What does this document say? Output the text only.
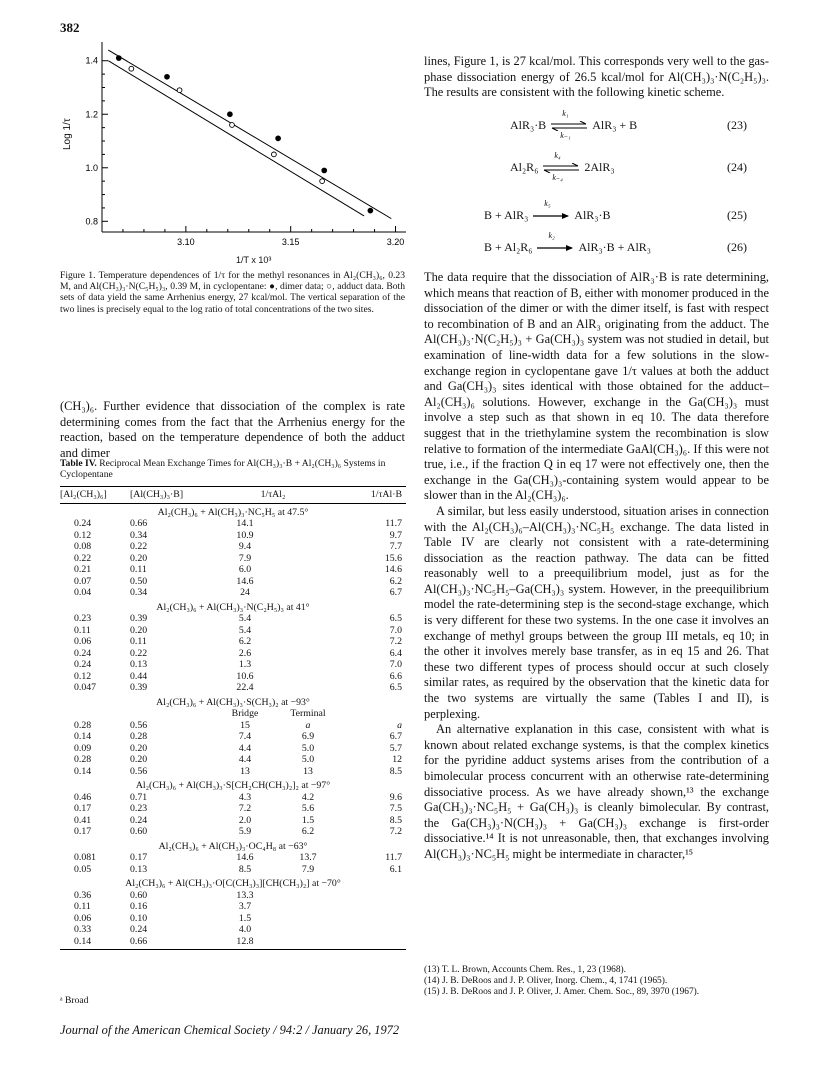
382
1.4
1.2
1.0
0.8
3.10	3.15	3.20
Log 1/τ
1/T x 10³
Figure 1. Temperature dependences of 1/τ for the methyl resonances in Al₂(CH₃)₆, 0.23 M, and Al(CH₃)₃·N(C₅H₅)₃, 0.39 M, in cyclopentane: ●, dimer data; ○, adduct data. Both sets of data yield the same Arrhenius energy, 27 kcal/mol. The vertical separation of the two lines is precisely equal to the log ratio of total concentrations of the two sites.
(CH₃)₆. Further evidence that dissociation of the complex is rate determining comes from the fact that the Arrhenius energy for the reaction, based on the temperature dependence of both the adduct and dimer
Table IV. Reciprocal Mean Exchange Times for Al(CH₃)₃·B + Al₂(CH₃)₆ Systems in Cyclopentane
[Al₂(CH₃)₆]	[Al(CH₃)₃·B]	1/τAl₂		1/τAl·B
Al₂(CH₃)₆ + Al(CH₃)₃·NC₅H₅ at 47.5°				
0.24	0.66	14.1		11.7
0.12	0.34	10.9		9.7
0.08	0.22	9.4		7.7
0.22	0.20	7.9		15.6
0.21	0.11	6.0		14.6
0.07	0.50	14.6		6.2
0.04	0.34	24		6.7
Al₂(CH₃)₆ + Al(CH₃)₃·N(C₂H₅)₃ at 41°				
0.23	0.39	5.4		6.5
0.11	0.20	5.4		7.0
0.06	0.11	6.2		7.2
0.24	0.22	2.6		6.4
0.24	0.13	1.3		7.0
0.12	0.44	10.6		6.6
0.047	0.39	22.4		6.5
Al₂(CH₃)₆ + Al(CH₃)₃·S(CH₃)₂ at −93°				
		Bridge	Terminal	
0.28	0.56	15	a	a
0.14	0.28	7.4	6.9	6.7
0.09	0.20	4.4	5.0	5.7
0.28	0.20	4.4	5.0	12
0.14	0.56	13	13	8.5
Al₂(CH₃)₆ + Al(CH₃)₃·S[CH₂CH(CH₃)₂]₂ at −97°				
0.46	0.71	4.3	4.2	9.6
0.17	0.23	7.2	5.6	7.5
0.41	0.24	2.0	1.5	8.5
0.17	0.60	5.9	6.2	7.2
Al₂(CH₃)₆ + Al(CH₃)₃·OC₄H₈ at −63°				
0.081	0.17	14.6	13.7	11.7
0.05	0.13	8.5	7.9	6.1
Al₂(CH₃)₆ + Al(CH₃)₃·O[C(CH₃)₃][CH(CH₃)₂] at −70°				
0.36	0.60	13.3		
0.11	0.16	3.7		
0.06	0.10	1.5		
0.33	0.24	4.0		
0.14	0.66	12.8		
ᵃ Broad
Journal of the American Chemical Society / 94:2 / January 26, 1972
lines, Figure 1, is 27 kcal/mol. This corresponds very well to the gas-phase dissociation energy of 26.5 kcal/mol for Al(CH₃)₃·N(C₂H₅)₃. The results are consistent with the following kinetic scheme.
AlR₃·B
k₁
k₋₁
AlR₃ + B	(23)
Al₂R₆
k₄
k₋₄
2AlR₃	(24)
B + AlR₃
k₅
AlR₃·B	(25)
B + Al₂R₆
k₂
AlR₃·B + AlR₃	(26)

The data require that the dissociation of AlR₃·B is rate determining, which means that reaction of B, either with monomer produced in the dissociation of the dimer or with the dimer itself, is fast with respect to recombination of B and an AlR₃ originating from the adduct. The Al(CH₃)₃·N(C₂H₅)₃ + Ga(CH₃)₃ system was not studied in detail, but examination of line-width data for a few solutions in the slow-exchange region in cyclopentane gave 1/τ values at both the adduct and Ga(CH₃)₃ sites identical with those obtained for the adduct–Al₂(CH₃)₆ solutions. However, exchange in the Ga(CH₃)₃ must involve a step such as that shown in eq 10. The data therefore suggest that in the triethylamine system the recombination is slow relative to formation of the intermediate GaAl(CH₃)₆. If this were not true, i.e., if the fraction Q in eq 17 were not effectively one, then the exchange in the Ga(CH₃)₃-containing system would appear to be slower than in the Al₂(CH₃)₆.

A similar, but less easily understood, situation arises in connection with the Al₂(CH₃)₆–Al(CH₃)₃·NC₅H₅ exchange. The data listed in Table IV are clearly not consistent with a rate-determining dissociation as the reaction pathway. The data can be fitted reasonably well to a preequilibrium model, just as for the Al(CH₃)₃·NC₅H₅–Ga(CH₃)₃ system. However, in the preequilibrium model the rate-determining step is the second-stage exchange, which is very different for these two systems. In the one case it involves an exchange of methyl groups between the group III metals, eq 10; in the other it involves merely base transfer, as in eq 15 and 26. That these two different types of process should occur at such closely similar rates, as required by the observation that the kinetic data for the two systems are virtually the same (Tables I and II), is perplexing.

An alternative explanation in this case, consistent with what is known about related exchange systems, is that the complex kinetics for the pyridine adduct systems arises from the contribution of a bimolecular process concurrent with an otherwise rate-determining dissociative process. As we have already shown,¹³ the exchange Ga(CH₃)₃·NC₅H₅ + Ga(CH₃)₃ is cleanly bimolecular. By contrast, the Ga(CH₃)₃·N(CH₃)₃ + Ga(CH₃)₃ exchange is first-order dissociative.¹⁴ It is not unreasonable, then, that exchanges involving Al(CH₃)₃·NC₅H₅ might be intermediate in character,¹⁵

(13) T. L. Brown, Accounts Chem. Res., 1, 23 (1968).
(14) J. B. DeRoos and J. P. Oliver, Inorg. Chem., 4, 1741 (1965).
(15) J. B. DeRoos and J. P. Oliver, J. Amer. Chem. Soc., 89, 3970 (1967).
